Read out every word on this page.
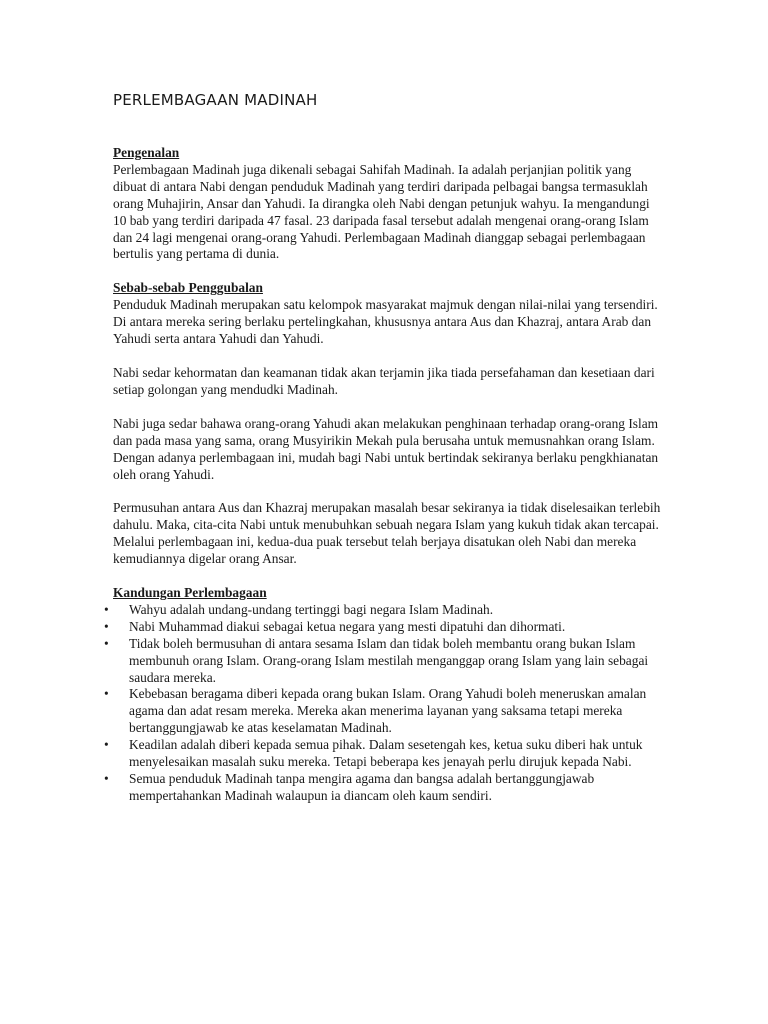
PERLEMBAGAAN MADINAH

Pengenalan

Perlembagaan Madinah juga dikenali sebagai Sahifah Madinah. Ia adalah perjanjian politik yang dibuat di antara Nabi dengan penduduk Madinah yang terdiri daripada pelbagai bangsa termasuklah orang Muhajirin, Ansar dan Yahudi. Ia dirangka oleh Nabi dengan petunjuk wahyu. Ia mengandungi 10 bab yang terdiri daripada 47 fasal. 23 daripada fasal tersebut adalah mengenai orang-orang Islam dan 24 lagi mengenai orang-orang Yahudi. Perlembagaan Madinah dianggap sebagai perlembagaan bertulis yang pertama di dunia.

Sebab-sebab Penggubalan

Penduduk Madinah merupakan satu kelompok masyarakat majmuk dengan nilai-nilai yang tersendiri. Di antara mereka sering berlaku pertelingkahan, khususnya antara Aus dan Khazraj, antara Arab dan Yahudi serta antara Yahudi dan Yahudi.

Nabi sedar kehormatan dan keamanan tidak akan terjamin jika tiada persefahaman dan kesetiaan dari setiap golongan yang mendudki Madinah.

Nabi juga sedar bahawa orang-orang Yahudi akan melakukan penghinaan terhadap orang-orang Islam dan pada masa yang sama, orang Musyirikin Mekah pula berusaha untuk memusnahkan orang Islam. Dengan adanya perlembagaan ini, mudah bagi Nabi untuk bertindak sekiranya berlaku pengkhianatan oleh orang Yahudi.

Permusuhan antara Aus dan Khazraj merupakan masalah besar sekiranya ia tidak diselesaikan terlebih dahulu. Maka, cita-cita Nabi untuk menubuhkan sebuah negara Islam yang kukuh tidak akan tercapai. Melalui perlembagaan ini, kedua-dua puak tersebut telah berjaya disatukan oleh Nabi dan mereka kemudiannya digelar orang Ansar.

Kandungan Perlembagaan

• Wahyu adalah undang-undang tertinggi bagi negara Islam Madinah.
• Nabi Muhammad diakui sebagai ketua negara yang mesti dipatuhi dan dihormati.
• Tidak boleh bermusuhan di antara sesama Islam dan tidak boleh membantu orang bukan Islam membunuh orang Islam. Orang-orang Islam mestilah menganggap orang Islam yang lain sebagai saudara mereka.
• Kebebasan beragama diberi kepada orang bukan Islam. Orang Yahudi boleh meneruskan amalan agama dan adat resam mereka. Mereka akan menerima layanan yang saksama tetapi mereka bertanggungjawab ke atas keselamatan Madinah.
• Keadilan adalah diberi kepada semua pihak. Dalam sesetengah kes, ketua suku diberi hak untuk menyelesaikan masalah suku mereka. Tetapi beberapa kes jenayah perlu dirujuk kepada Nabi.
• Semua penduduk Madinah tanpa mengira agama dan bangsa adalah bertanggungjawab mempertahankan Madinah walaupun ia diancam oleh kaum sendiri.
